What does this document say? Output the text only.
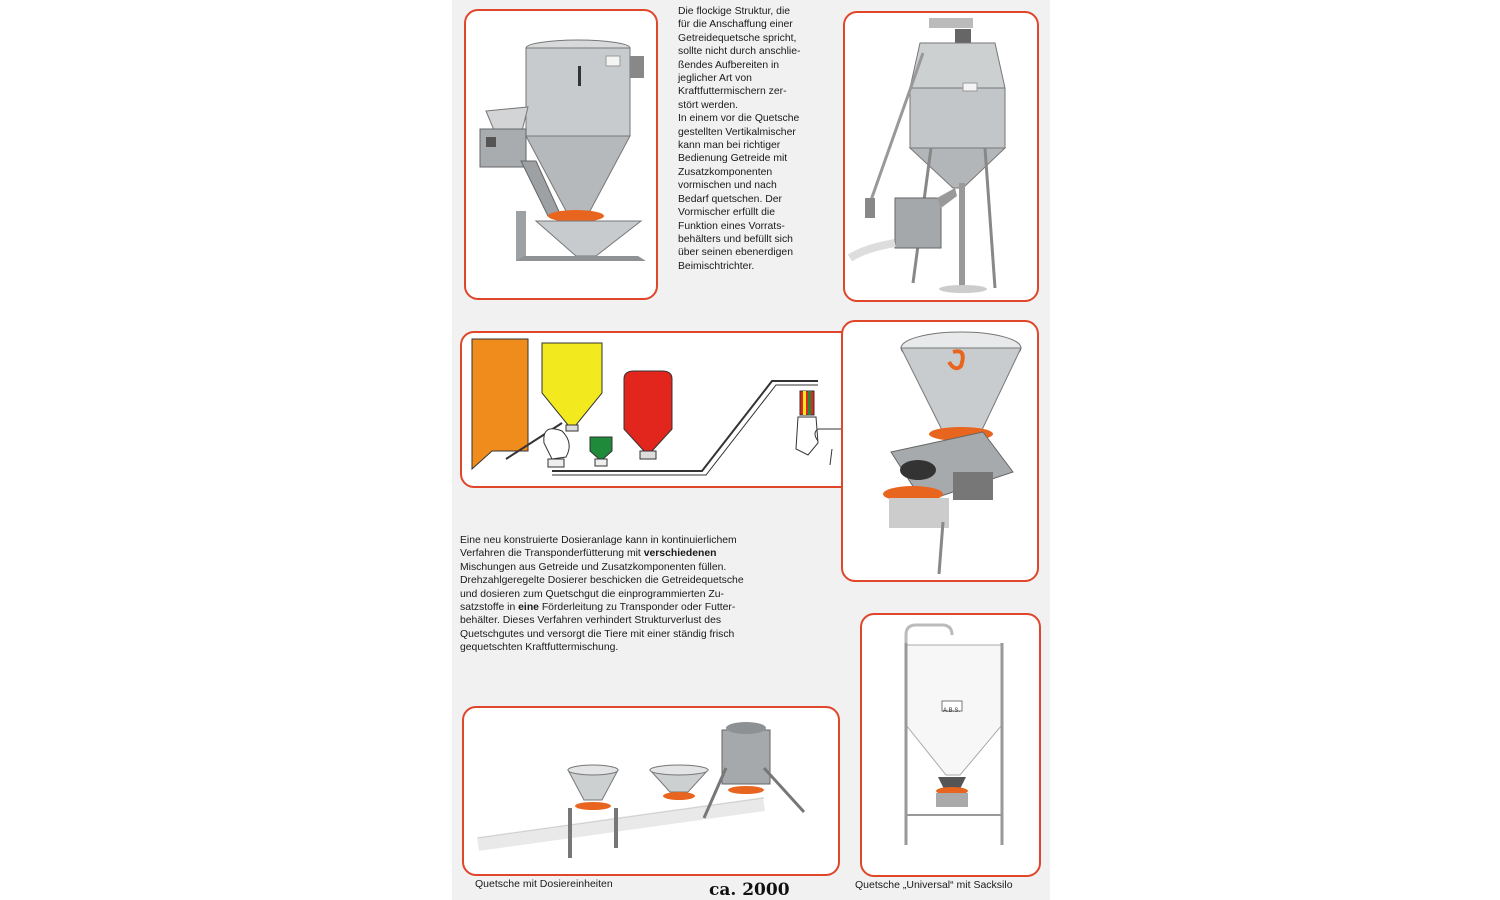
Die flockige Struktur, die
für die Anschaffung einer
Getreidequetsche spricht,
sollte nicht durch anschlie-
ßendes Aufbereiten in
jeglicher Art von
Kraftfuttermischern zer-
stört werden.
In einem vor die Quetsche
gestellten Vertikalmischer
kann man bei richtiger
Bedienung Getreide mit
Zusatzkomponenten
vormischen und nach
Bedarf quetschen. Der
Vormischer erfüllt die
Funktion eines Vorrats-
behälters und befüllt sich
über seinen ebenerdigen
Beimischtrichter.

Eine neu konstruierte Dosieranlage kann in kontinuierlichem
Verfahren die Transponderfütterung mit verschiedenen
Mischungen aus Getreide und Zusatzkomponenten füllen.
Drehzahlgeregelte Dosierer beschicken die Getreidequetsche
und dosieren zum Quetschgut die einprogrammierten Zu-
satzstoffe in eine Förderleitung zu Transponder oder Futter-
behälter. Dieses Verfahren verhindert Strukturverlust des
Quetschgutes und versorgt die Tiere mit einer ständig frisch
gequetschten Kraftfuttermischung.

A.B.S.
Quetsche mit Dosiereinheiten	ca. 2000	Quetsche „Universal“ mit Sacksilo
